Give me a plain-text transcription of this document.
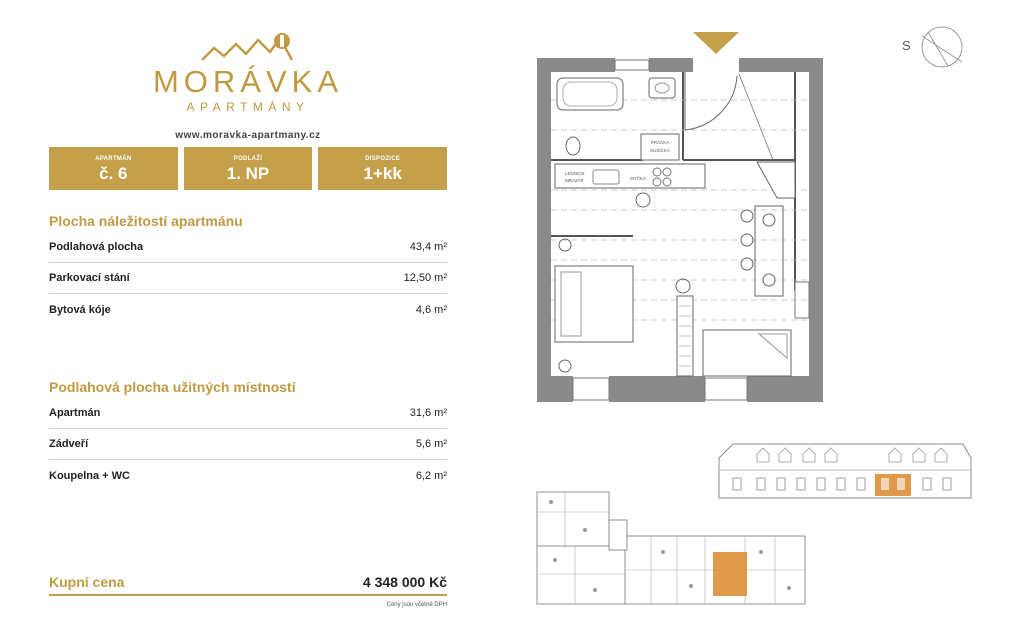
MORÁVKA
APARTMÁNY
www.moravka-apartmany.cz
APARTMÁN
č. 6
PODLAŽÍ
1. NP
DISPOZICE
1+kk
Plocha náležitostí apartmánu
Podlahová plocha	43,4 m²
Parkovací stání	12,50 m²
Bytová kóje	4,6 m²
Podlahová plocha užitných místností
Apartmán	31,6 m²
Zádveří	5,6 m²
Koupelna + WC	6,2 m²
Kupní cena	4 348 000 Kč
Ceny jsou včetně DPH
PRÁČKA
SUŠIČKA
LEDNICE
MRAZÁK	MYČKA
S
